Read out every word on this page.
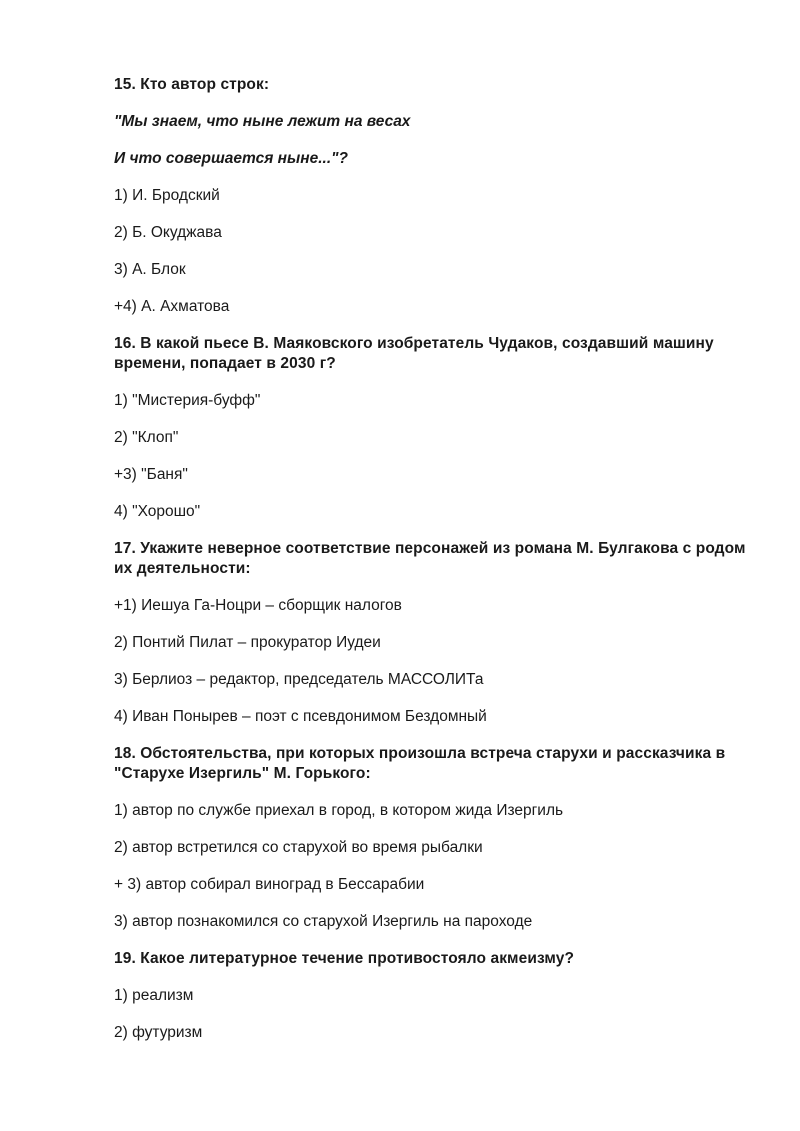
15. Кто автор строк:
"Мы знаем, что ныне лежит на весах
И что совершается ныне..."?
1) И. Бродский
2) Б. Окуджава
3) А. Блок
+4) А. Ахматова
16. В какой пьесе В. Маяковского изобретатель Чудаков, создавший машину времени, попадает в 2030 г?
1) "Мистерия-буфф"
2) "Клоп"
+3) "Баня"
4) "Хорошо"
17. Укажите неверное соответствие персонажей из романа М. Булгакова с родом их деятельности:
+1) Иешуа Га-Ноцри – сборщик налогов
2) Понтий Пилат – прокуратор Иудеи
3) Берлиоз – редактор, председатель МАССОЛИТа
4) Иван Понырев – поэт с псевдонимом Бездомный
18. Обстоятельства, при которых произошла встреча старухи и рассказчика в "Старухе Изергиль" М. Горького:
1) автор по службе приехал в город, в котором жида Изергиль
2) автор встретился со старухой во время рыбалки
+ 3) автор собирал виноград в Бессарабии
3) автор познакомился со старухой Изергиль на пароходе
19. Какое литературное течение противостояло акмеизму?
1) реализм
2) футуризм
